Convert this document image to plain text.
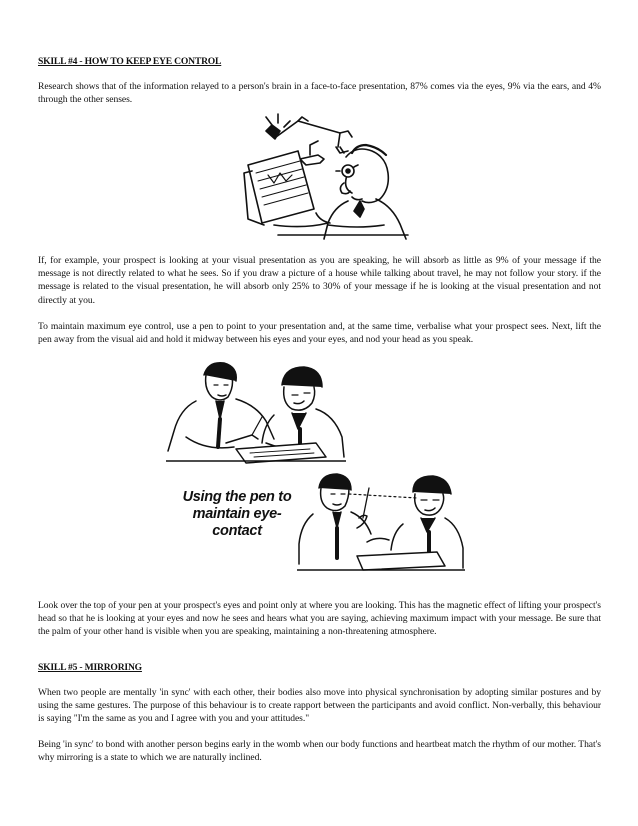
SKILL #4 - HOW TO KEEP EYE CONTROL
Research shows that of the information relayed to a person's brain in a face-to-face presentation, 87% comes via the eyes, 9% via the ears, and 4% through the other senses.
If, for example, your prospect is looking at your visual presentation as you are speaking, he will absorb as little as 9% of your message if the message is not directly related to what he sees. So if you draw a picture of a house while talking about travel, he may not follow your story. if the message is related to the visual presentation, he will absorb only 25% to 30% of your message if he is looking at the visual presentation and not directly at you.
To maintain maximum eye control, use a pen to point to your presentation and, at the same time, verbalise what your prospect sees. Next, lift the pen away from the visual aid and hold it midway between his eyes and your eyes, and nod your head as you speak.
Using the pen to maintain eye-contact
Look over the top of your pen at your prospect's eyes and point only at where you are looking. This has the magnetic effect of lifting your prospect's head so that he is looking at your eyes and now he sees and hears what you are saying, achieving maximum impact with your message. Be sure that the palm of your other hand is visible when you are speaking, maintaining a non-threatening atmosphere.
SKILL #5 - MIRRORING
When two people are mentally 'in sync' with each other, their bodies also move into physical synchronisation by adopting similar postures and by using the same gestures. The purpose of this behaviour is to create rapport between the participants and avoid conflict. Non-verbally, this behaviour is saying "I'm the same as you and I agree with you and your attitudes."
Being 'in sync' to bond with another person begins early in the womb when our body functions and heartbeat match the rhythm of our mother. That's why mirroring is a state to which we are naturally inclined.
